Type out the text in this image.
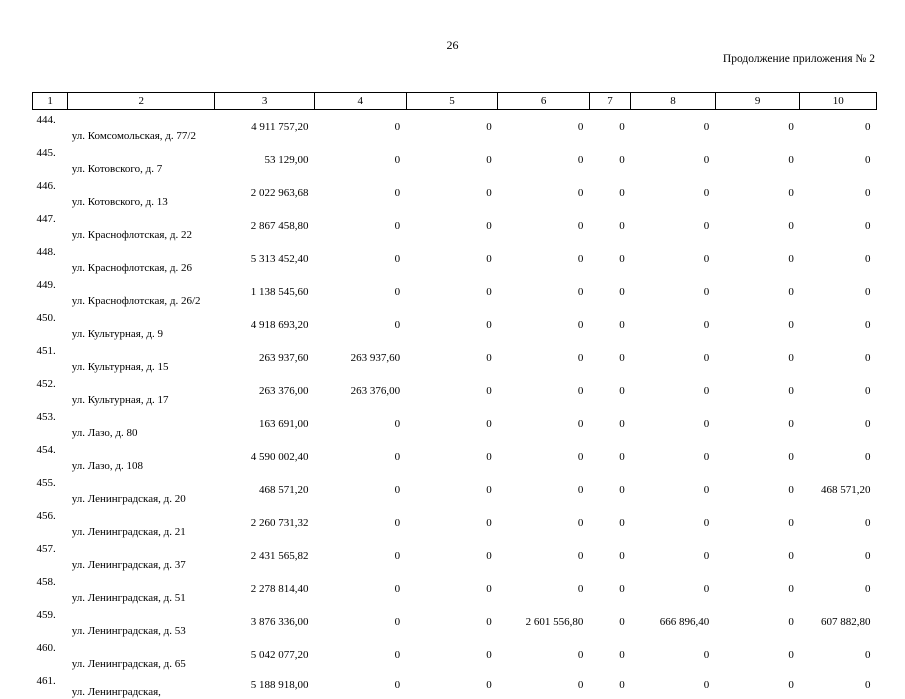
26
Продолжение приложения № 2
1	2	3	4	5	6	7	8	9	10
444.	ул. Комсомольская, д. 77/2	4 911 757,20	0	0	0	0	0	0	0
445.	ул. Котовского, д. 7	53 129,00	0	0	0	0	0	0	0
446.	ул. Котовского, д. 13	2 022 963,68	0	0	0	0	0	0	0
447.	ул. Краснофлотская, д. 22	2 867 458,80	0	0	0	0	0	0	0
448.	ул. Краснофлотская, д. 26	5 313 452,40	0	0	0	0	0	0	0
449.	ул. Краснофлотская, д. 26/2	1 138 545,60	0	0	0	0	0	0	0
450.	ул. Культурная, д. 9	4 918 693,20	0	0	0	0	0	0	0
451.	ул. Культурная, д. 15	263 937,60	263 937,60	0	0	0	0	0	0
452.	ул. Культурная, д. 17	263 376,00	263 376,00	0	0	0	0	0	0
453.	ул. Лазо, д. 80	163 691,00	0	0	0	0	0	0	0
454.	ул. Лазо, д. 108	4 590 002,40	0	0	0	0	0	0	0
455.	ул. Ленинградская, д. 20	468 571,20	0	0	0	0	0	0	468 571,20
456.	ул. Ленинградская, д. 21	2 260 731,32	0	0	0	0	0	0	0
457.	ул. Ленинградская, д. 37	2 431 565,82	0	0	0	0	0	0	0
458.	ул. Ленинградская, д. 51	2 278 814,40	0	0	0	0	0	0	0
459.	ул. Ленинградская, д. 53	3 876 336,00	0	0	2 601 556,80	0	666 896,40	0	607 882,80
460.	ул. Ленинградская, д. 65	5 042 077,20	0	0	0	0	0	0	0
461.	ул. Ленинградская,	5 188 918,00	0	0	0	0	0	0	0
